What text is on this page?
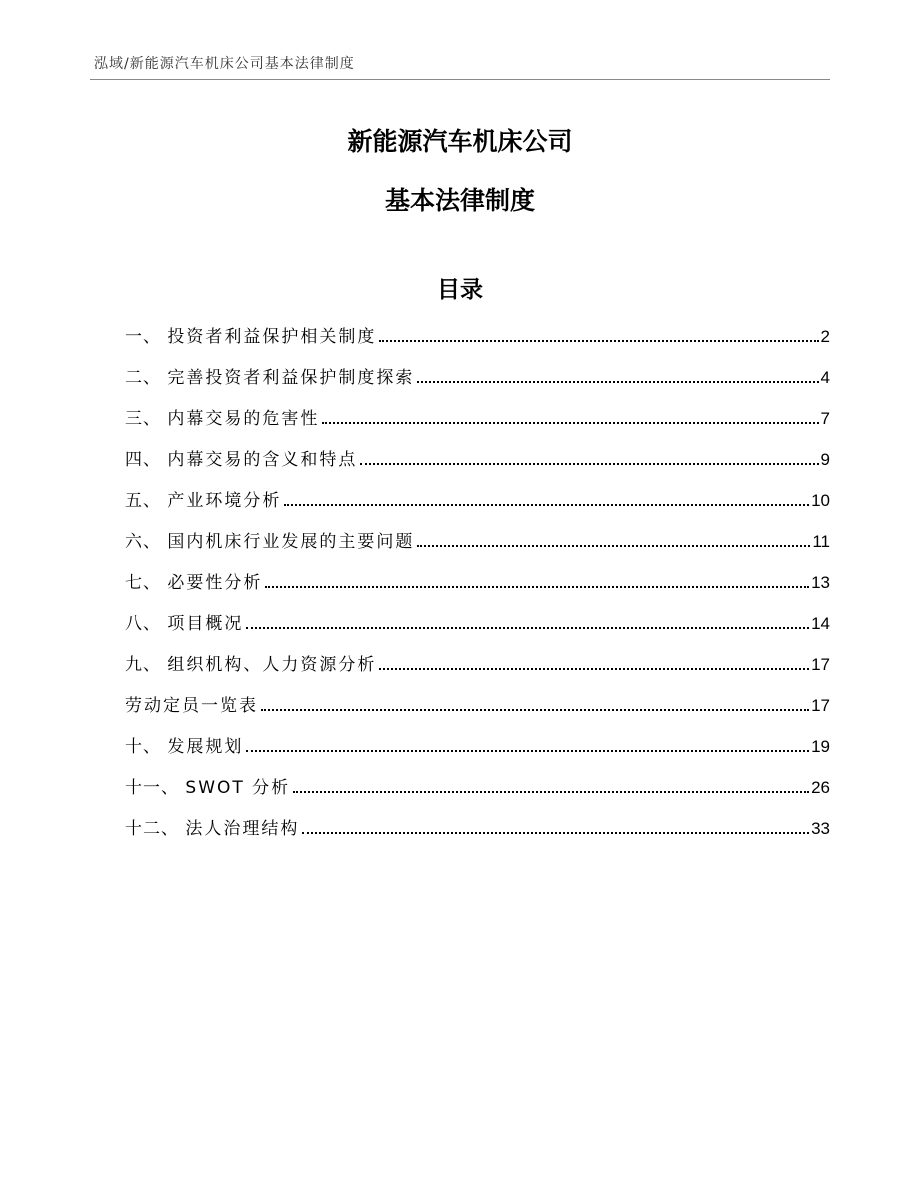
泓域/新能源汽车机床公司基本法律制度
新能源汽车机床公司
基本法律制度
目录
一、 投资者利益保护相关制度	2
二、 完善投资者利益保护制度探索	4
三、 内幕交易的危害性	7
四、 内幕交易的含义和特点	9
五、 产业环境分析	10
六、 国内机床行业发展的主要问题	11
七、 必要性分析	13
八、 项目概况	14
九、 组织机构、人力资源分析	17
劳动定员一览表	17
十、 发展规划	19
十一、 SWOT 分析	26
十二、 法人治理结构	33
